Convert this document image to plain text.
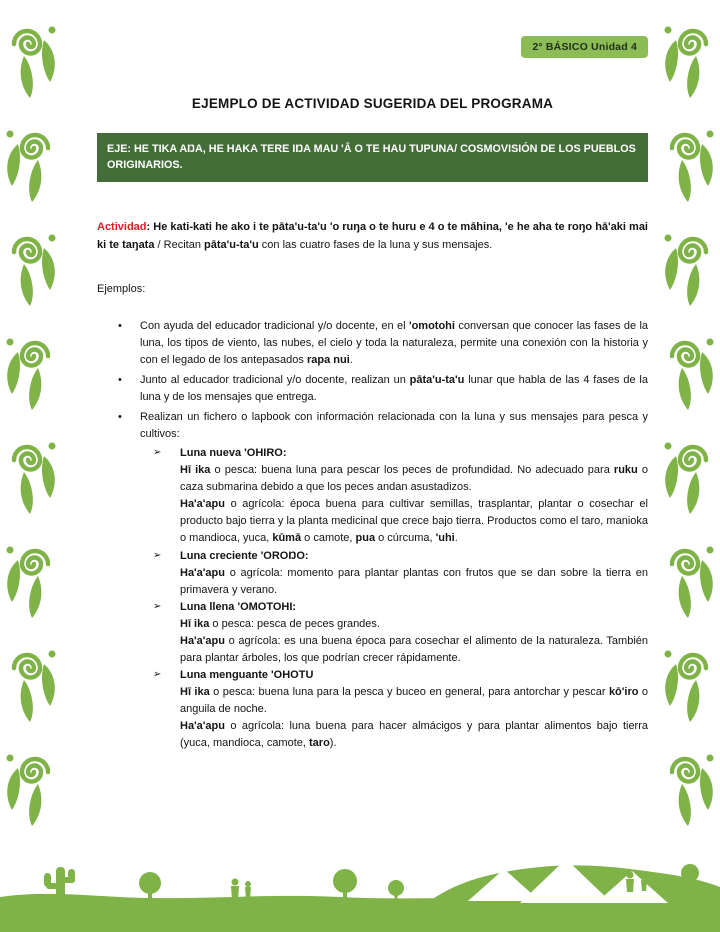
2° BÁSICO Unidad 4
EJEMPLO DE ACTIVIDAD SUGERIDA DEL PROGRAMA
EJE: HE TIKA AŊA, HE HAKA TERE IŊA MAU 'Ā O TE HAU TUPUNA/ COSMOVISIÓN DE LOS PUEBLOS ORIGINARIOS.

Actividad: He kati-kati he ako i te pāta'u-ta'u 'o ruŋa o te huru e 4 o te māhina, 'e he aha te roŋo hā'aki mai ki te taŋata / Recitan pāta'u-ta'u con las cuatro fases de la luna y sus mensajes.

Ejemplos:

• Con ayuda del educador tradicional y/o docente, en el 'omotohi conversan que conocer las fases de la luna, los tipos de viento, las nubes, el cielo y toda la naturaleza, permite una conexión con la historia y con el legado de los antepasados rapa nui.

• Junto al educador tradicional y/o docente, realizan un pāta'u-ta'u lunar que habla de las 4 fases de la luna y de los mensajes que entrega.

• Realizan un fichero o lapbook con información relacionada con la luna y sus mensajes para pesca y cultivos:

➢ Luna nueva 'OHIRO:

Hī ika o pesca: buena luna para pescar los peces de profundidad. No adecuado para ruku o caza submarina debido a que los peces andan asustadizos.

Ha'a'apu o agrícola: época buena para cultivar semillas, trasplantar, plantar o cosechar el producto bajo tierra y la planta medicinal que crece bajo tierra. Productos como el taro, manioka o mandioca, yuca, kūmā o camote, pua o cúrcuma, 'uhi.

➢ Luna creciente 'OROŊO:

Ha'a'apu o agrícola: momento para plantar plantas con frutos que se dan sobre la tierra en primavera y verano.

➢ Luna llena 'OMOTOHI:

Hī ika o pesca: pesca de peces grandes.

Ha'a'apu o agrícola: es una buena época para cosechar el alimento de la naturaleza. También para plantar árboles, los que podrían crecer rápidamente.

➢ Luna menguante 'OHOTU

Hī ika o pesca: buena luna para la pesca y buceo en general, para antorchar y pescar kō'iro o anguila de noche.

Ha'a'apu o agrícola: luna buena para hacer almácigos y para plantar alimentos bajo tierra (yuca, mandioca, camote, taro).
